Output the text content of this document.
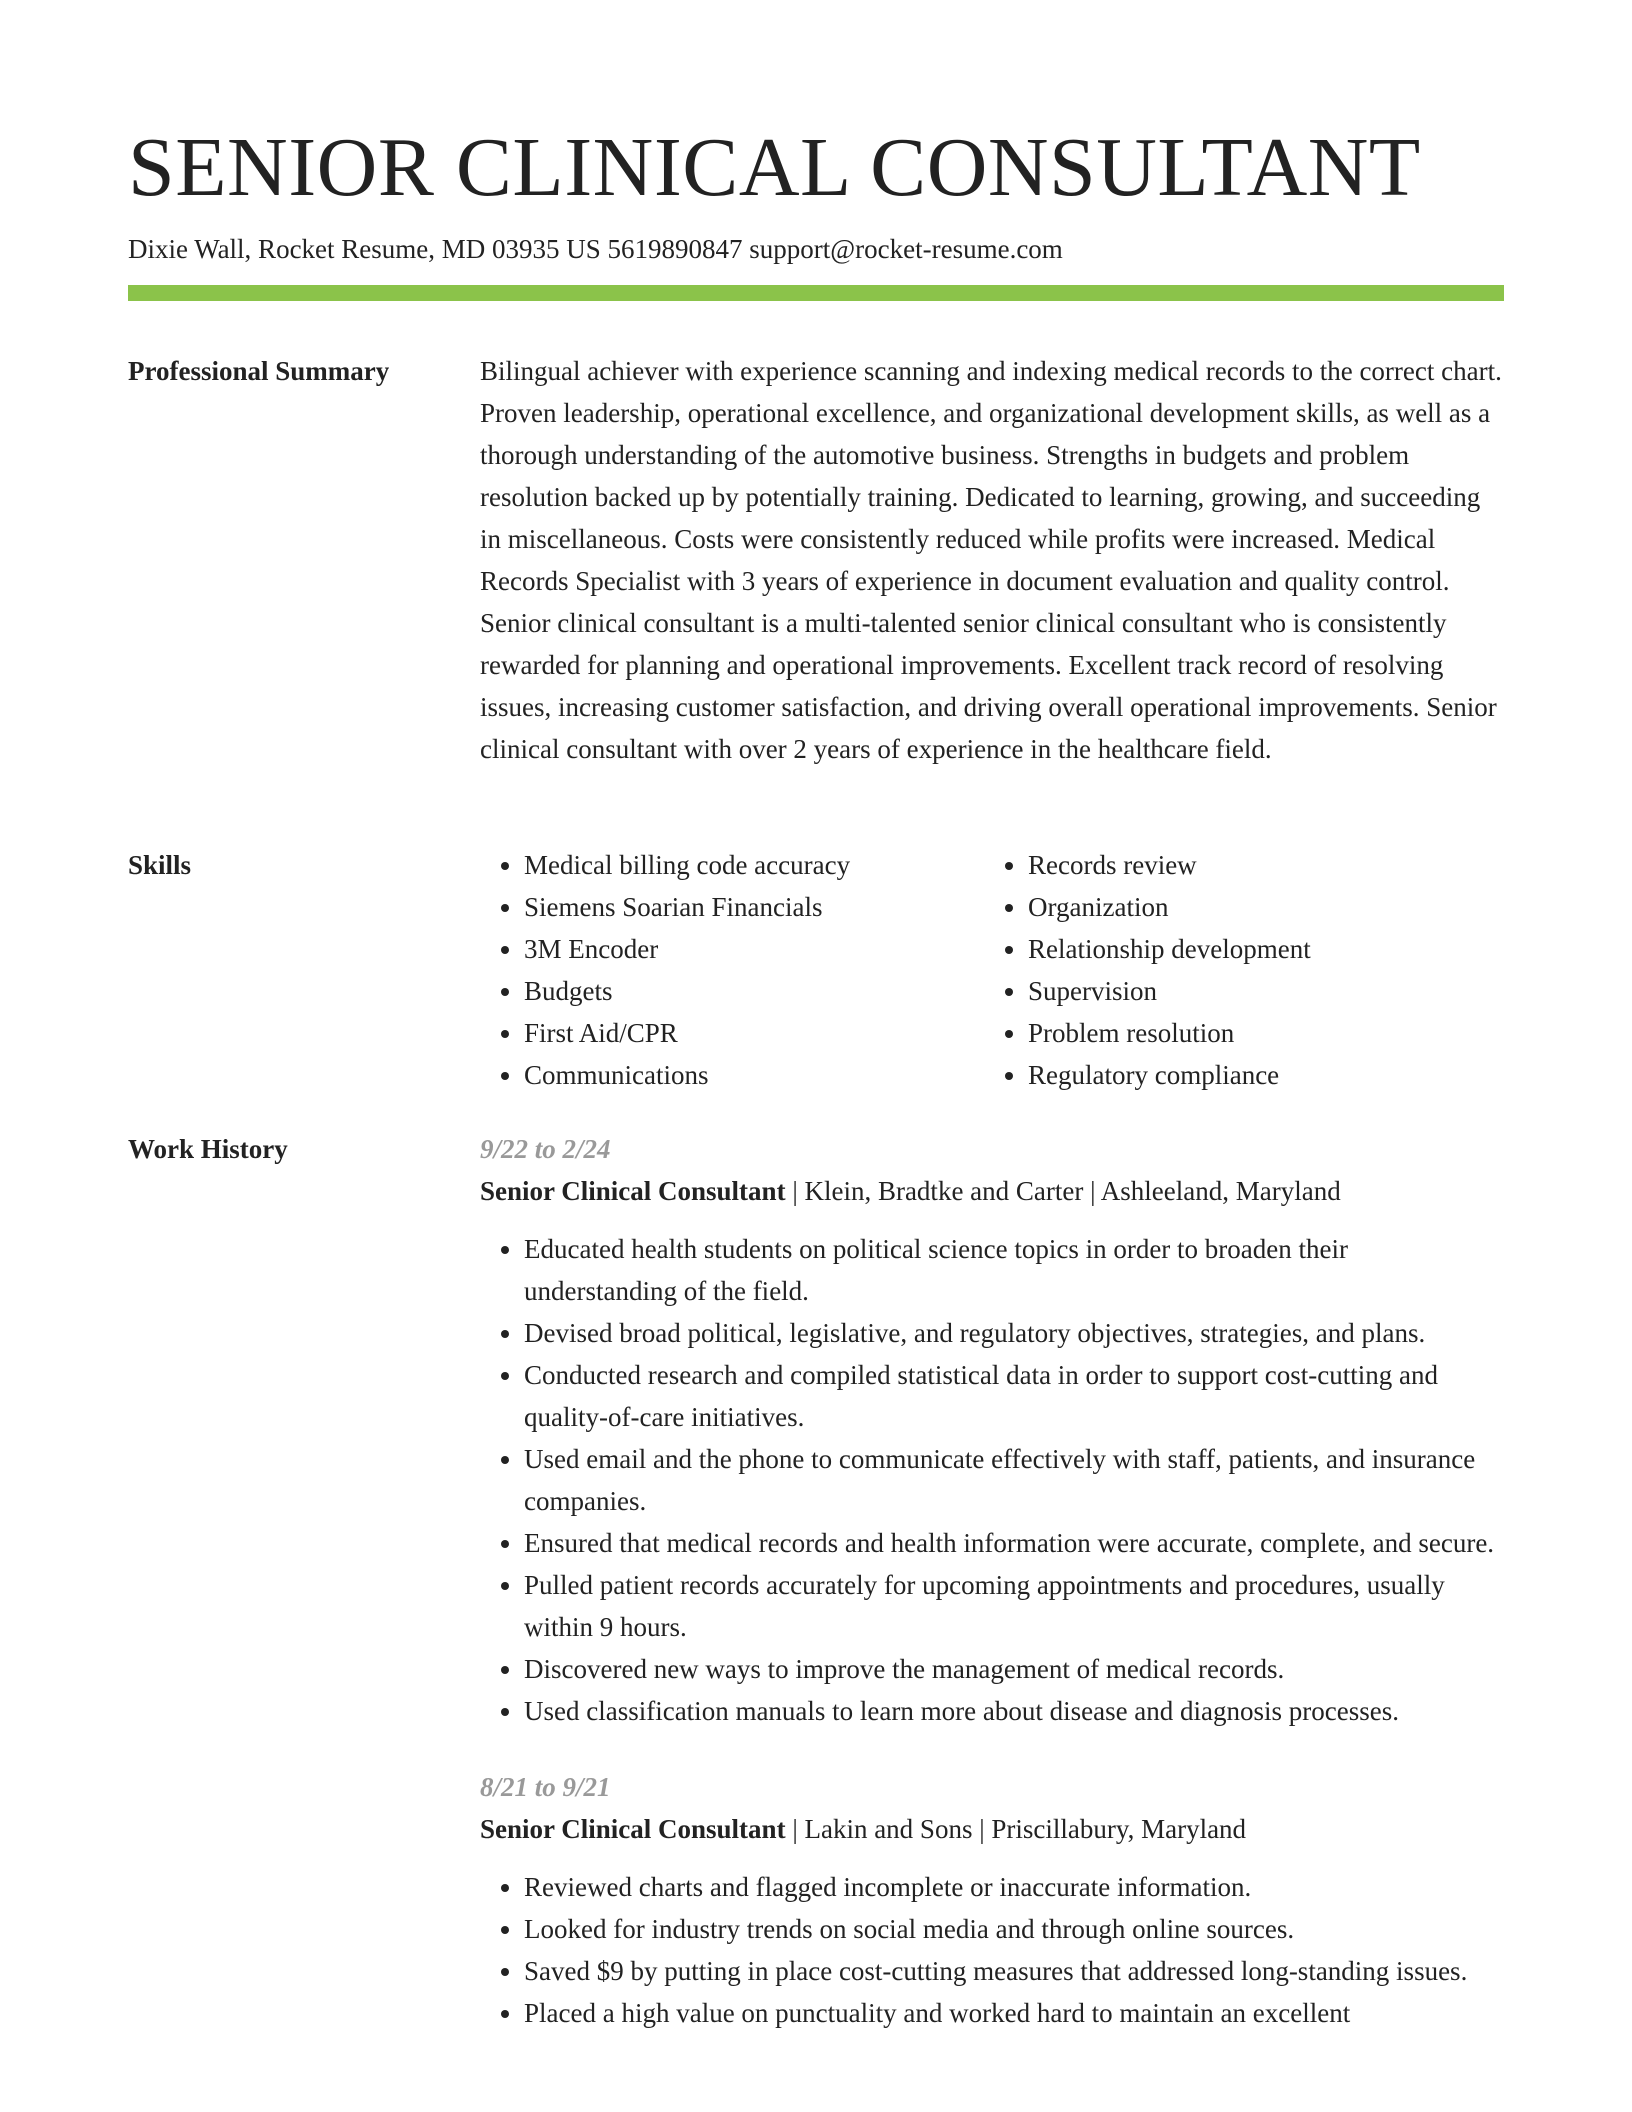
SENIOR CLINICAL CONSULTANT
Dixie Wall, Rocket Resume, MD 03935 US 5619890847 support@rocket-resume.com
Professional Summary	Bilingual achiever with experience scanning and indexing medical records to the correct chart. Proven leadership, operational excellence, and organizational development skills, as well as a thorough understanding of the automotive business. Strengths in budgets and problem resolution backed up by potentially training. Dedicated to learning, growing, and succeeding in miscellaneous. Costs were consistently reduced while profits were increased. Medical Records Specialist with 3 years of experience in document evaluation and quality control. Senior clinical consultant is a multi-talented senior clinical consultant who is consistently rewarded for planning and operational improvements. Excellent track record of resolving issues, increasing customer satisfaction, and driving overall operational improvements. Senior clinical consultant with over 2 years of experience in the healthcare field.

Skills
•	Medical billing code accuracy
• Siemens Soarian Financials
• 3M Encoder
• Budgets
• First Aid/CPR
• Communications
• Records review
• Organization
• Relationship development
• Supervision
• Problem resolution
• Regulatory compliance
Work History	9/22 to 2/24
Senior Clinical Consultant | Klein, Bradtke and Carter | Ashleeland, Maryland
• Educated health students on political science topics in order to broaden their understanding of the field.
• Devised broad political, legislative, and regulatory objectives, strategies, and plans.
• Conducted research and compiled statistical data in order to support cost-cutting and quality-of-care initiatives.
• Used email and the phone to communicate effectively with staff, patients, and insurance companies.
• Ensured that medical records and health information were accurate, complete, and secure.
• Pulled patient records accurately for upcoming appointments and procedures, usually within 9 hours.
• Discovered new ways to improve the management of medical records.
• Used classification manuals to learn more about disease and diagnosis processes.
8/21 to 9/21
Senior Clinical Consultant | Lakin and Sons | Priscillabury, Maryland
• Reviewed charts and flagged incomplete or inaccurate information.
• Looked for industry trends on social media and through online sources.
• Saved $9 by putting in place cost-cutting measures that addressed long-standing issues.
• Placed a high value on punctuality and worked hard to maintain an excellent
